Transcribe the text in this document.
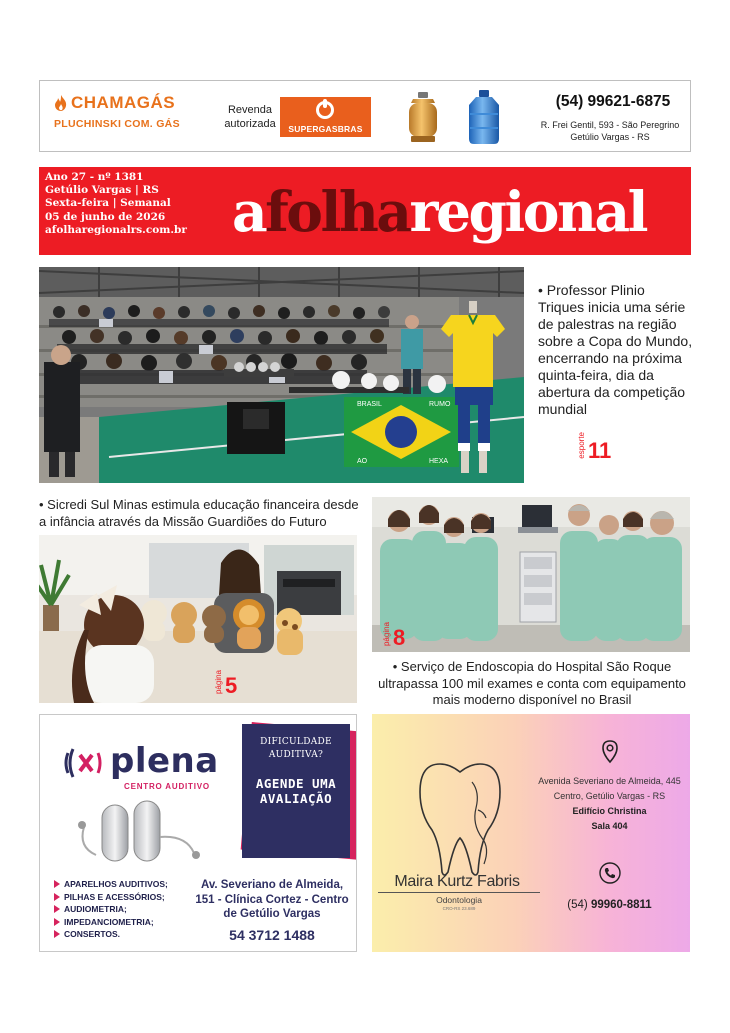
CHAMAGÁS
PLUCHINSKI COM. GÁS
Revenda autorizada	SUPERGASBRAS
(54) 99621-6875
R. Frei Gentil, 593 - São Peregrino
Getúlio Vargas - RS
Ano 27 - nº 1381
Getúlio Vargas | RS
Sexta-feira | Semanal
05 de junho de 2026
afolharegionalrs.com.br a folha regional
BRASIL	RUMO
AO	HEXA
• Professor Plinio Triques inicia uma série de palestras na região sobre a Copa do Mundo, encerrando na próxima quinta-feira, dia da abertura da competição mundial
esporte 11
• Sicredi Sul Minas estimula educação financeira desde a infância através da Missão Guardiões do Futuro
página 5
página 8
• Serviço de Endoscopia do Hospital São Roque ultrapassa 100 mil exames e conta com equipamento mais moderno disponível no Brasil
plena
CENTRO AUDITIVO
DIFICULDADE AUDITIVA?
AGENDE UMA AVALIAÇÃO
APARELHOS AUDITIVOS;
PILHAS E ACESSÓRIOS;
AUDIOMETRIA;
IMPEDANCIOMETRIA;
CONSERTOS.
Av. Severiano de Almeida, 151 - Clínica Cortez - Centro de Getúlio Vargas
54 3712 1488
Maira Kurtz Fabris
Odontologia
CRO-RS 23.689
Avenida Severiano de Almeida, 445
Centro, Getúlio Vargas - RS
Edifício Christina
Sala 404
(54) 99960-8811
